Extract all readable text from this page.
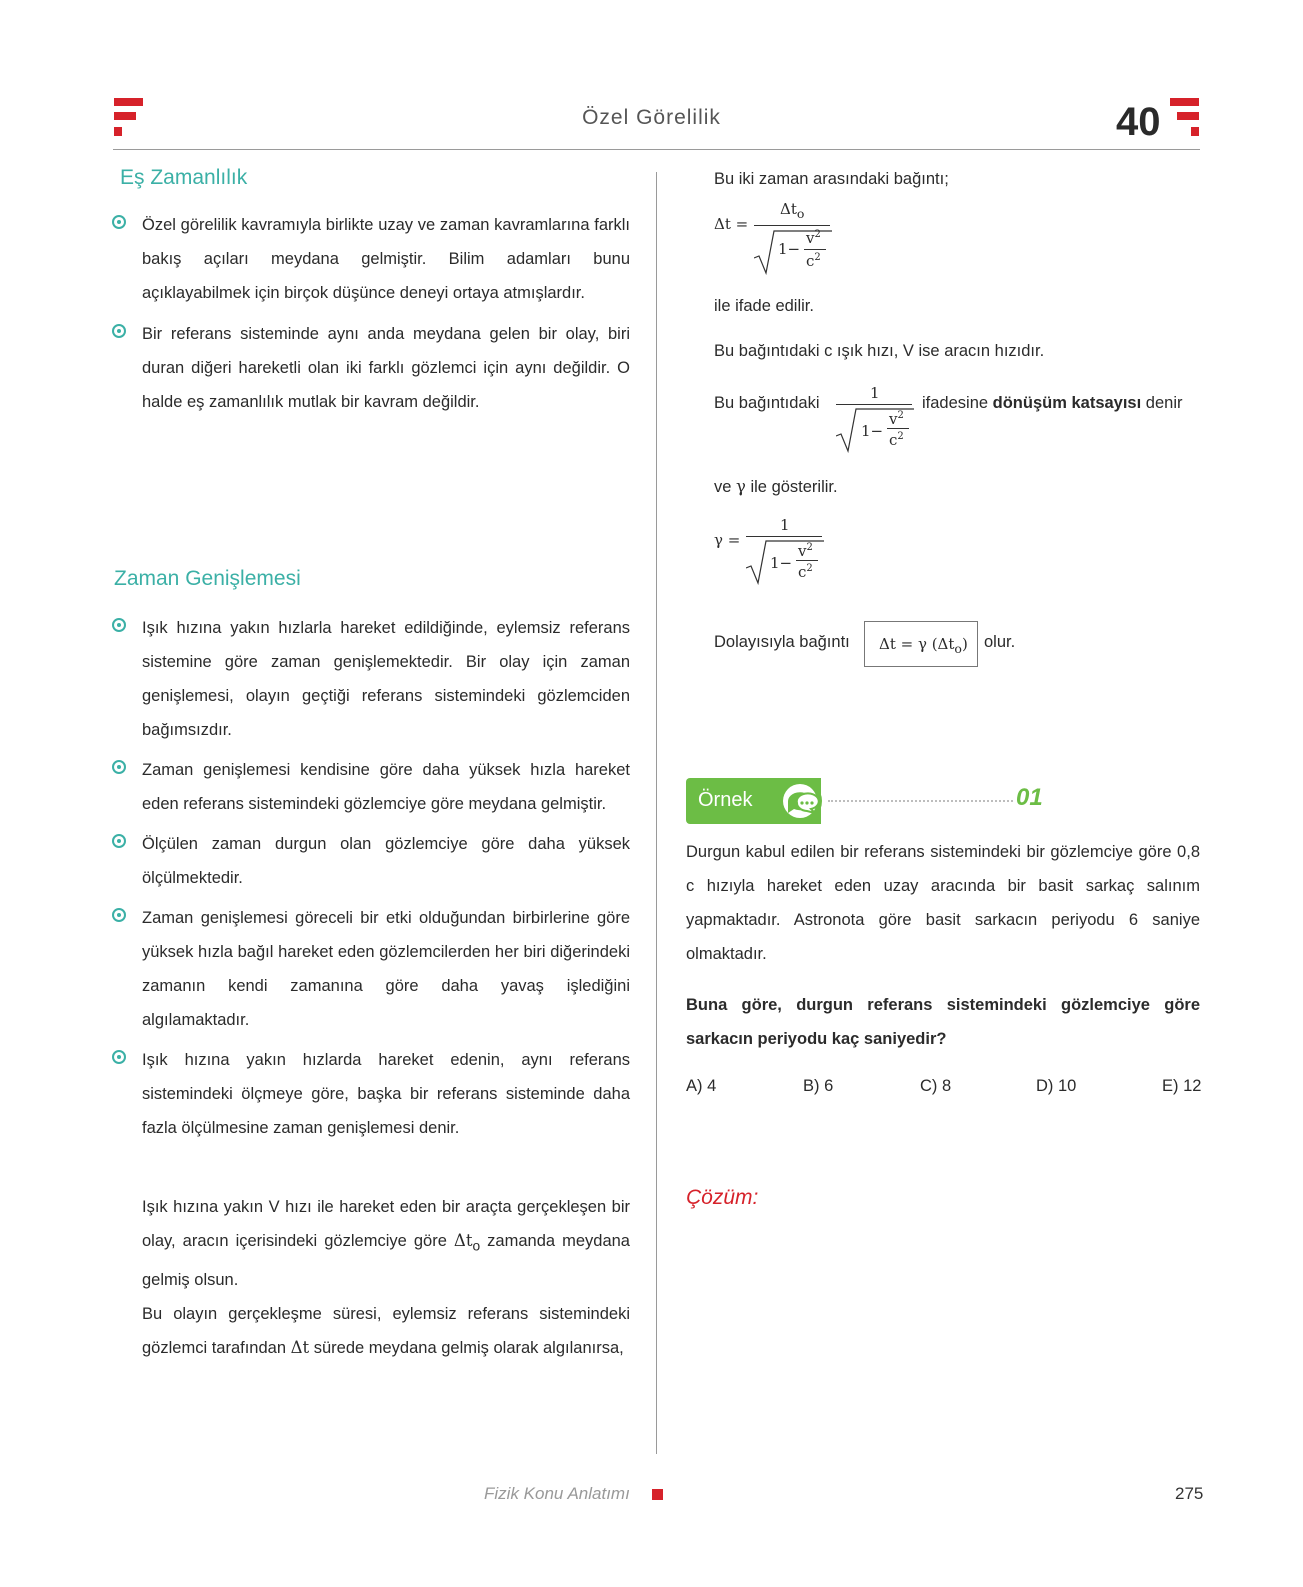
Özel Görelilik	40
Eş Zamanlılık
Özel görelilik kavramıyla birlikte uzay ve zaman kavramlarına farklı bakış açıları meydana gelmiştir. Bilim adamları bunu açıklayabilmek için birçok düşünce deneyi ortaya atmışlardır.
Bir referans sisteminde aynı anda meydana gelen bir olay, biri duran diğeri hareketli olan iki farklı gözlemci için aynı değildir. O halde eş zamanlılık mutlak bir kavram değildir.
Zaman Genişlemesi
Işık hızına yakın hızlarla hareket edildiğinde, eylemsiz referans sistemine göre zaman genişlemektedir. Bir olay için zaman genişlemesi, olayın geçtiği referans sistemindeki gözlemciden bağımsızdır.
Zaman genişlemesi kendisine göre daha yüksek hızla hareket eden referans sistemindeki gözlemciye göre meydana gelmiştir.
Ölçülen zaman durgun olan gözlemciye göre daha yüksek ölçülmektedir.
Zaman genişlemesi göreceli bir etki olduğundan birbirlerine göre yüksek hızla bağıl hareket eden gözlemcilerden her biri diğerindeki zamanın kendi zamanına göre daha yavaş işlediğini algılamaktadır.
Işık hızına yakın hızlarda hareket edenin, aynı referans sistemindeki ölçmeye göre, başka bir referans sisteminde daha fazla ölçülmesine zaman genişlemesi denir.
Işık hızına yakın V hızı ile hareket eden bir araçta gerçekleşen bir olay, aracın içerisindeki gözlemciye göre $\Delta t_o$ zamanda meydana gelmiş olsun.
Bu olayın gerçekleşme süresi, eylemsiz referans sistemindeki gözlemci tarafından Δt sürede meydana gelmiş olarak algılanırsa,
Bu iki zaman arasındaki bağıntı;
Δt =
$\Delta t_o$
1−
$v^2$
$c^2$
ile ifade edilir.
Bu bağıntıdaki c ışık hızı, V ise aracın hızıdır.
Bu bağıntıdaki
1
1−
$v^2$
$c^2$
ifadesine dönüşüm katsayısı denir
ve γ ile gösterilir.
γ =
1
1−
$v^2$
$c^2$
Dolayısıyla bağıntı Δt = γ $(\Delta t_o)$ olur.
Örnek	01
Durgun kabul edilen bir referans sistemindeki bir gözlemciye göre 0,8 c hızıyla hareket eden uzay aracında bir basit sarkaç salınım yapmaktadır. Astronota göre basit sarkacın periyodu 6 saniye olmaktadır.
Buna göre, durgun referans sistemindeki gözlemciye göre sarkacın periyodu kaç saniyedir?
A) 4	B) 6	C) 8	D) 10	E) 12
Çözüm:
Fizik Konu Anlatımı	275
